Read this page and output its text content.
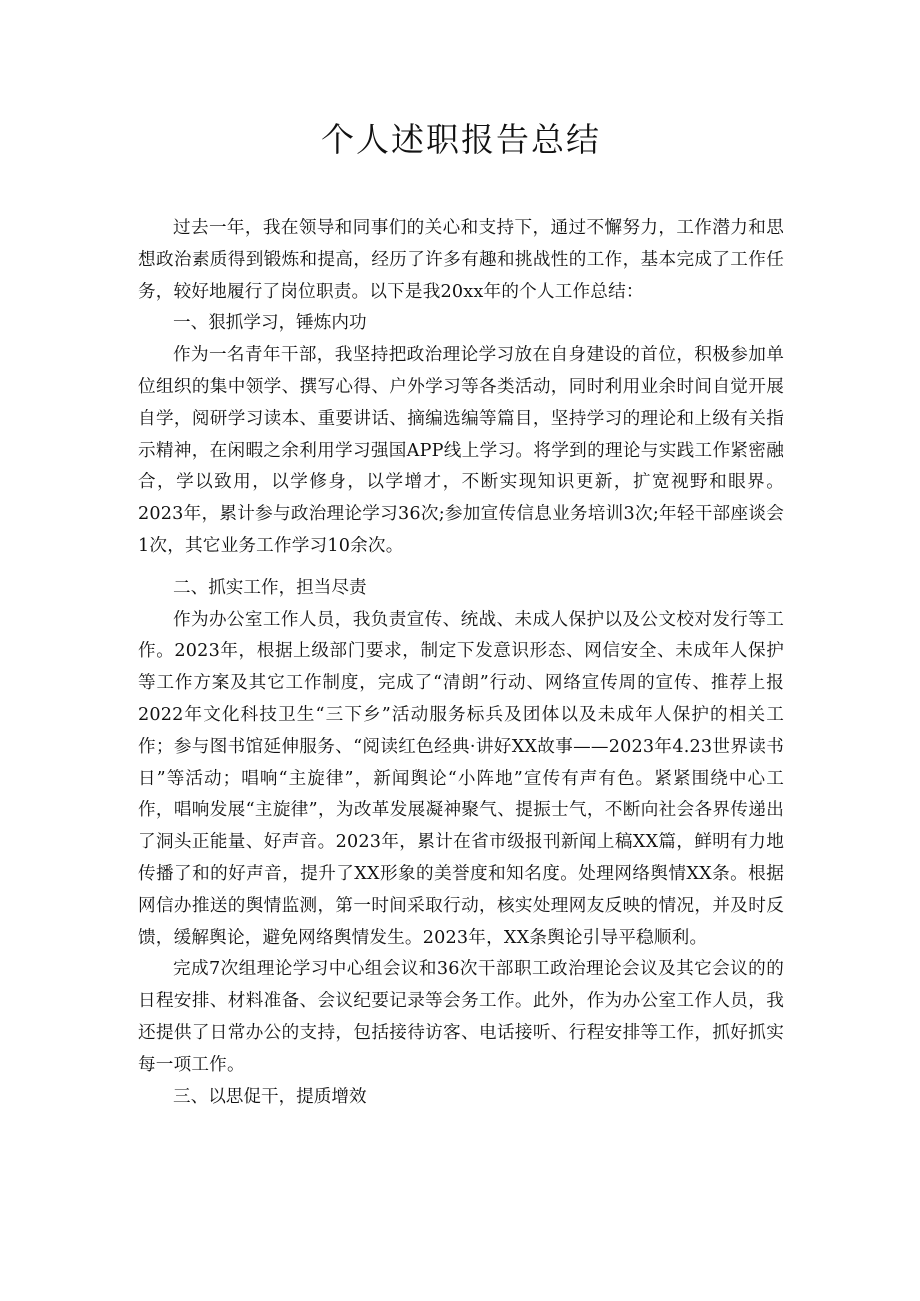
个人述职报告总结

过去一年，我在领导和同事们的关心和支持下，通过不懈努力，工作潜力和思想政治素质得到锻炼和提高，经历了许多有趣和挑战性的工作，基本完成了工作任务，较好地履行了岗位职责。以下是我20xx年的个人工作总结：

一、狠抓学习，锤炼内功

作为一名青年干部，我坚持把政治理论学习放在自身建设的首位，积极参加单位组织的集中领学、撰写心得、户外学习等各类活动，同时利用业余时间自觉开展自学，阅研学习读本、重要讲话、摘编选编等篇目，坚持学习的理论和上级有关指示精神，在闲暇之余利用学习强国APP线上学习。将学到的理论与实践工作紧密融合，学以致用，以学修身，以学增才，不断实现知识更新，扩宽视野和眼界。2023年，累计参与政治理论学习36次;参加宣传信息业务培训3次;年轻干部座谈会1次，其它业务工作学习10余次。

二、抓实工作，担当尽责

作为办公室工作人员，我负责宣传、统战、未成人保护以及公文校对发行等工作。2023年，根据上级部门要求，制定下发意识形态、网信安全、未成年人保护等工作方案及其它工作制度，完成了“清朗”行动、网络宣传周的宣传、推荐上报2022年文化科技卫生“三下乡”活动服务标兵及团体以及未成年人保护的相关工作；参与图书馆延伸服务、“阅读红色经典·讲好XX故事——2023年4.23世界读书日”等活动；唱响“主旋律”，新闻舆论“小阵地”宣传有声有色。紧紧围绕中心工作，唱响发展“主旋律”，为改革发展凝神聚气、提振士气，不断向社会各界传递出了洞头正能量、好声音。2023年，累计在省市级报刊新闻上稿XX篇，鲜明有力地传播了和的好声音，提升了XX形象的美誉度和知名度。处理网络舆情XX条。根据网信办推送的舆情监测，第一时间采取行动，核实处理网友反映的情况，并及时反馈，缓解舆论，避免网络舆情发生。2023年，XX条舆论引导平稳顺利。

完成7次组理论学习中心组会议和36次干部职工政治理论会议及其它会议的的日程安排、材料准备、会议纪要记录等会务工作。此外，作为办公室工作人员，我还提供了日常办公的支持，包括接待访客、电话接听、行程安排等工作，抓好抓实每一项工作。

三、以思促干，提质增效
